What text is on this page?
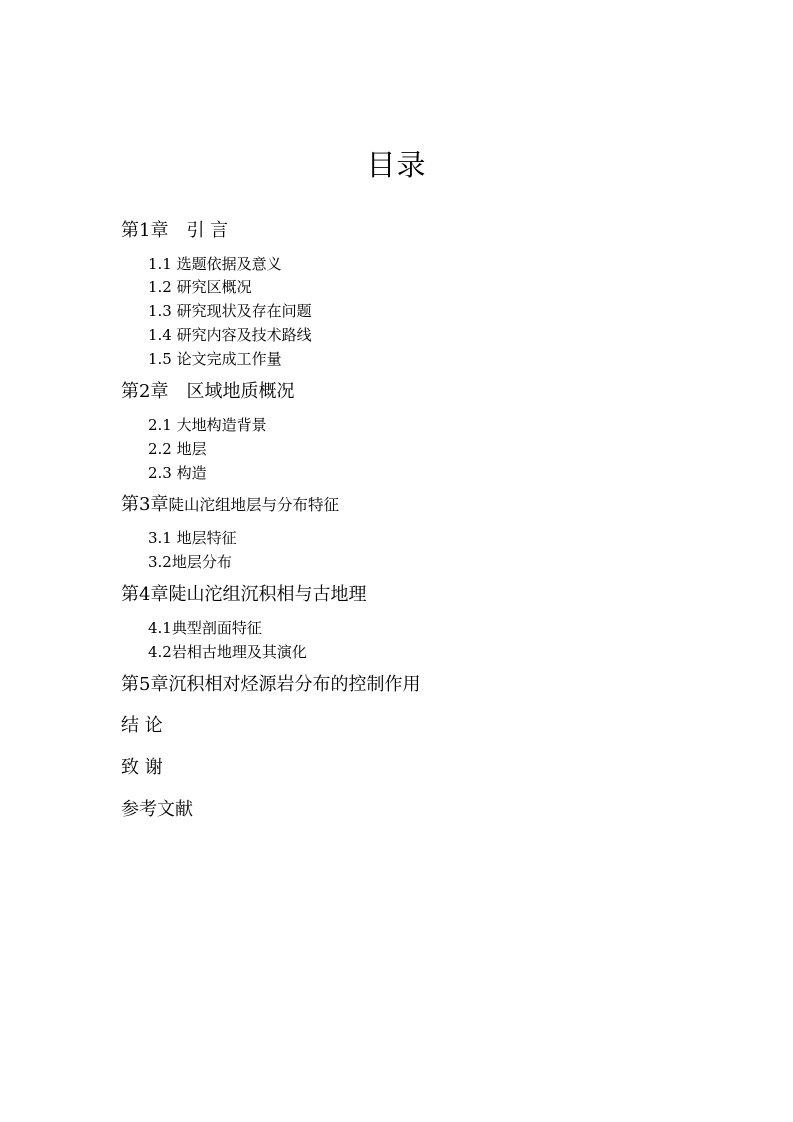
目录
第1章 引 言
1.1 选题依据及意义
1.2 研究区概况
1.3 研究现状及存在问题
1.4 研究内容及技术路线
1.5 论文完成工作量
第2章 区域地质概况
2.1 大地构造背景
2.2 地层
2.3 构造
第3章陡山沱组地层与分布特征
3.1 地层特征
3.2地层分布
第4章陡山沱组沉积相与古地理
4.1典型剖面特征
4.2岩相古地理及其演化
第5章沉积相对烃源岩分布的控制作用
结 论
致 谢
参考文献
